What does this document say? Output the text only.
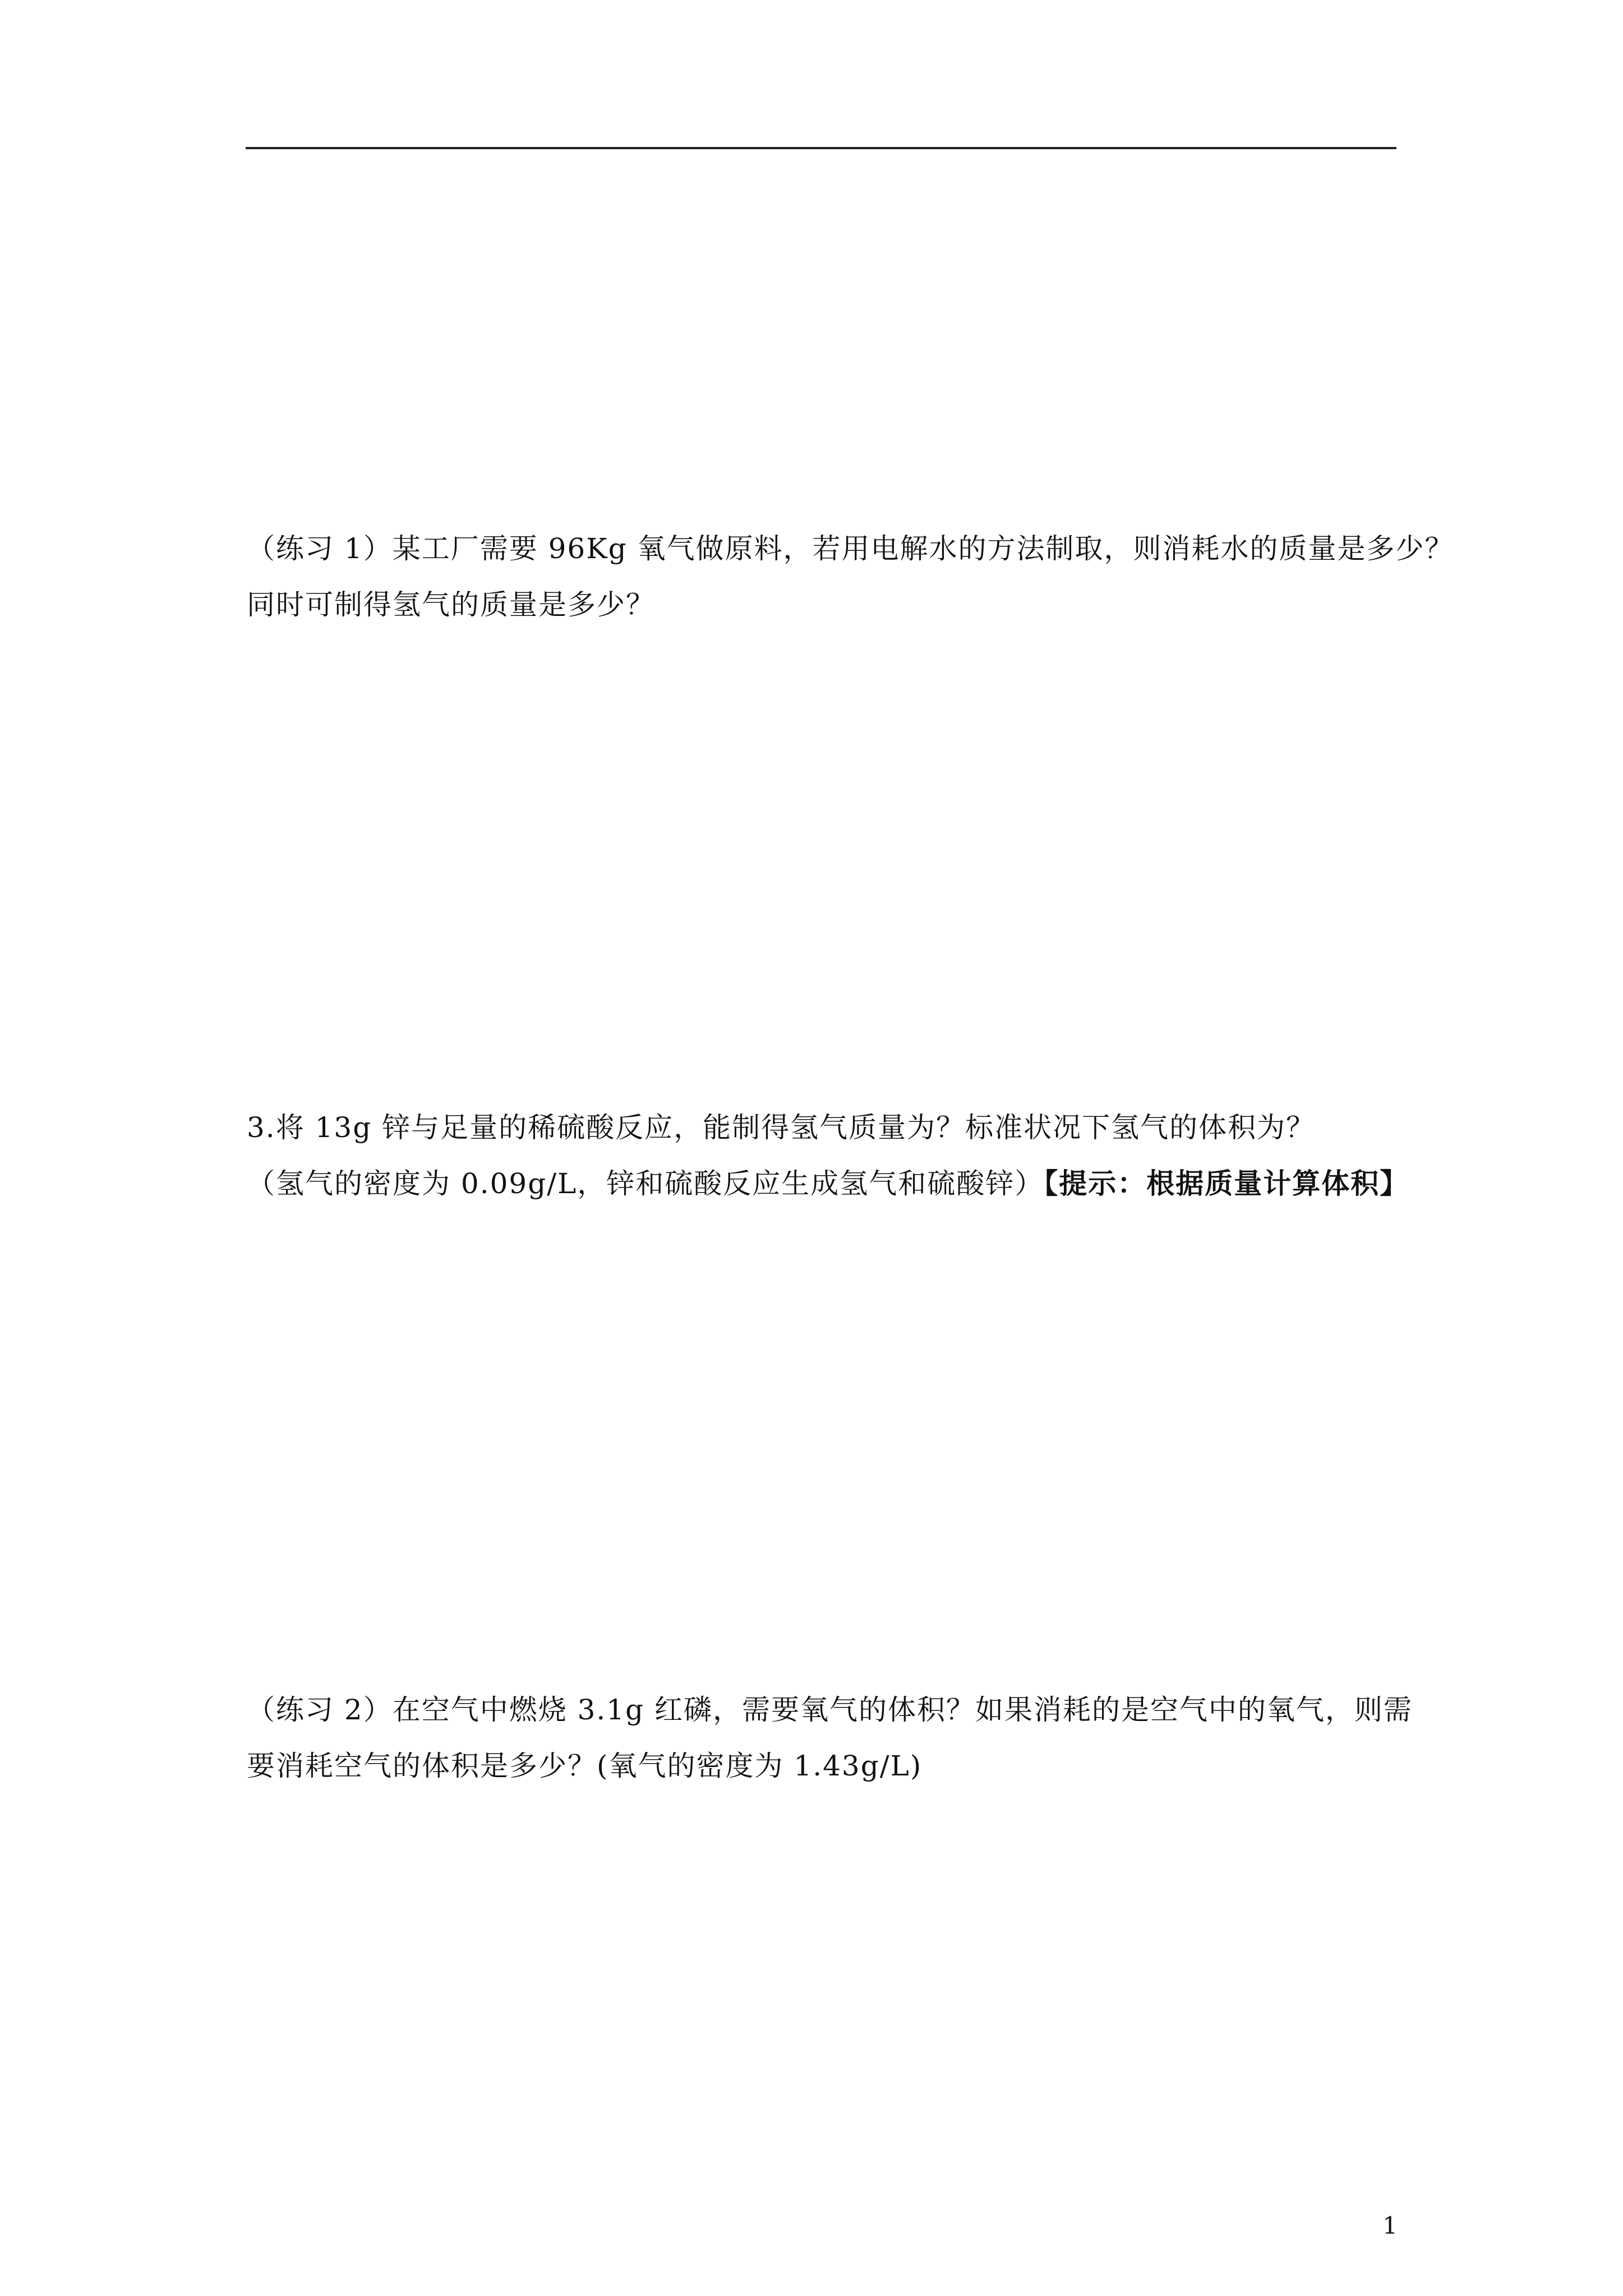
（练习 1）某工厂需要 96Kg 氧气做原料，若用电解水的方法制取，则消耗水的质量是多少？
同时可制得氢气的质量是多少？
3.将 13g 锌与足量的稀硫酸反应，能制得氢气质量为？标准状况下氢气的体积为？
（氢气的密度为 0.09g/L，锌和硫酸反应生成氢气和硫酸锌）【提示：根据质量计算体积】
（练习 2）在空气中燃烧 3.1g 红磷，需要氧气的体积？如果消耗的是空气中的氧气，则需
要消耗空气的体积是多少？(氧气的密度为 1.43g/L)
1
